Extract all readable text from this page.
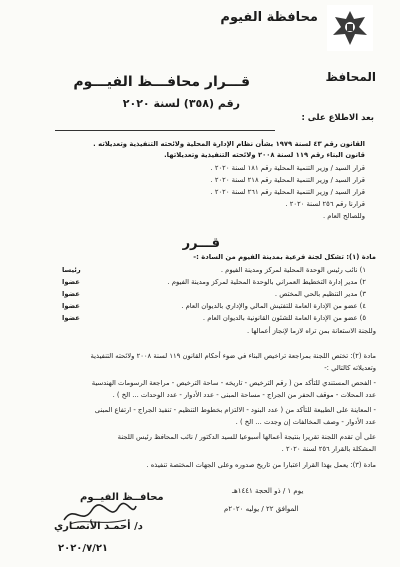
محافظة الفيوم
المحافظ
قـــرار محافـــظ الفيـــوم
رقم (٣٥٨) لسنة ٢٠٢٠
بعد الاطلاع على :
القانون رقم ٤٣ لسنة ١٩٧٩ بشأن نظام الإدارة المحلية ولائحته التنفيذية وتعديلاته .
قانون البناء رقم ١١٩ لسنة ٢٠٠٨ ولائحته التنفيذية وتعديلاتها.
قرار السيد / وزير التنمية المحلية رقم ١٨١ لسنة ٢٠٢٠ .
قرار السيد / وزير التنمية المحلية رقم ٢١٨ لسنة ٢٠٢٠ .
قرار السيد / وزير التنمية المحلية رقم ٢٦١ لسنة ٢٠٢٠ .
قرارنا رقم ٢٥٦ لسنة ٢٠٢٠ .
وللصالح العام .
قـــرر
مادة (١): تشكل لجنة فرعية بمدينة الفيوم من السادة :-
١) نائب رئيس الوحدة المحلية لمركز ومدينة الفيوم .
رئيسا
٢) مدير إدارة التخطيط العمراني بالوحدة المحلية لمركز ومدينة الفيوم .
عضوا
٣) مدير التنظيم بالحي المختص .
عضوا
٤) عضو من الإدارة العامة للتفتيش المالي والإداري بالديوان العام .
عضوا
٥) عضو من الإدارة العامة للشئون القانونية بالديوان العام .
عضوا
وللجنة الاستعانة بمن تراه لازما لإنجاز أعمالها .
مادة (٢): تختص اللجنة بمراجعة تراخيص البناء في ضوء أحكام القانون ١١٩ لسنة ٢٠٠٨ ولائحته التنفيذية
وتعديلاته كالتالي :-
- الفحص المستندي للتأكد من ( رقم الترخيص - تاريخه - ساحة الترخيص - مراجعة الرسومات الهندسية
عدد المحلات - موقف الحفر من الجراج - مساحة المبنى - عدد الأدوار - عدد الوحدات ... الخ ) .
- المعاينة على الطبيعة للتأكد من ( عدد البنود - الالتزام بخطوط التنظيم - تنفيذ الجراج - ارتفاع المبنى
عدد الأدوار - وصف المخالفات إن وجدت ... الخ ) .
على أن تقدم اللجنة تقريرا بنتيجة أعمالها أسبوعيا للسيد الدكتور / نائب المحافظ رئيس اللجنة
المشكلة بالقرار ٢٥٦ لسنة ٢٠٢٠ .
مادة (٣): يعمل بهذا القرار اعتبارا من تاريخ صدوره وعلى الجهات المختصة تنفيذه .
يوم ١ / ذو الحجة ١٤٤١هـ
الموافق ٢٢ / يوليه ٢٠٢٠م
محافــظ الفيــوم
د/ أحمـد الأنصـاري
٢٠٢٠/٧/٢١
